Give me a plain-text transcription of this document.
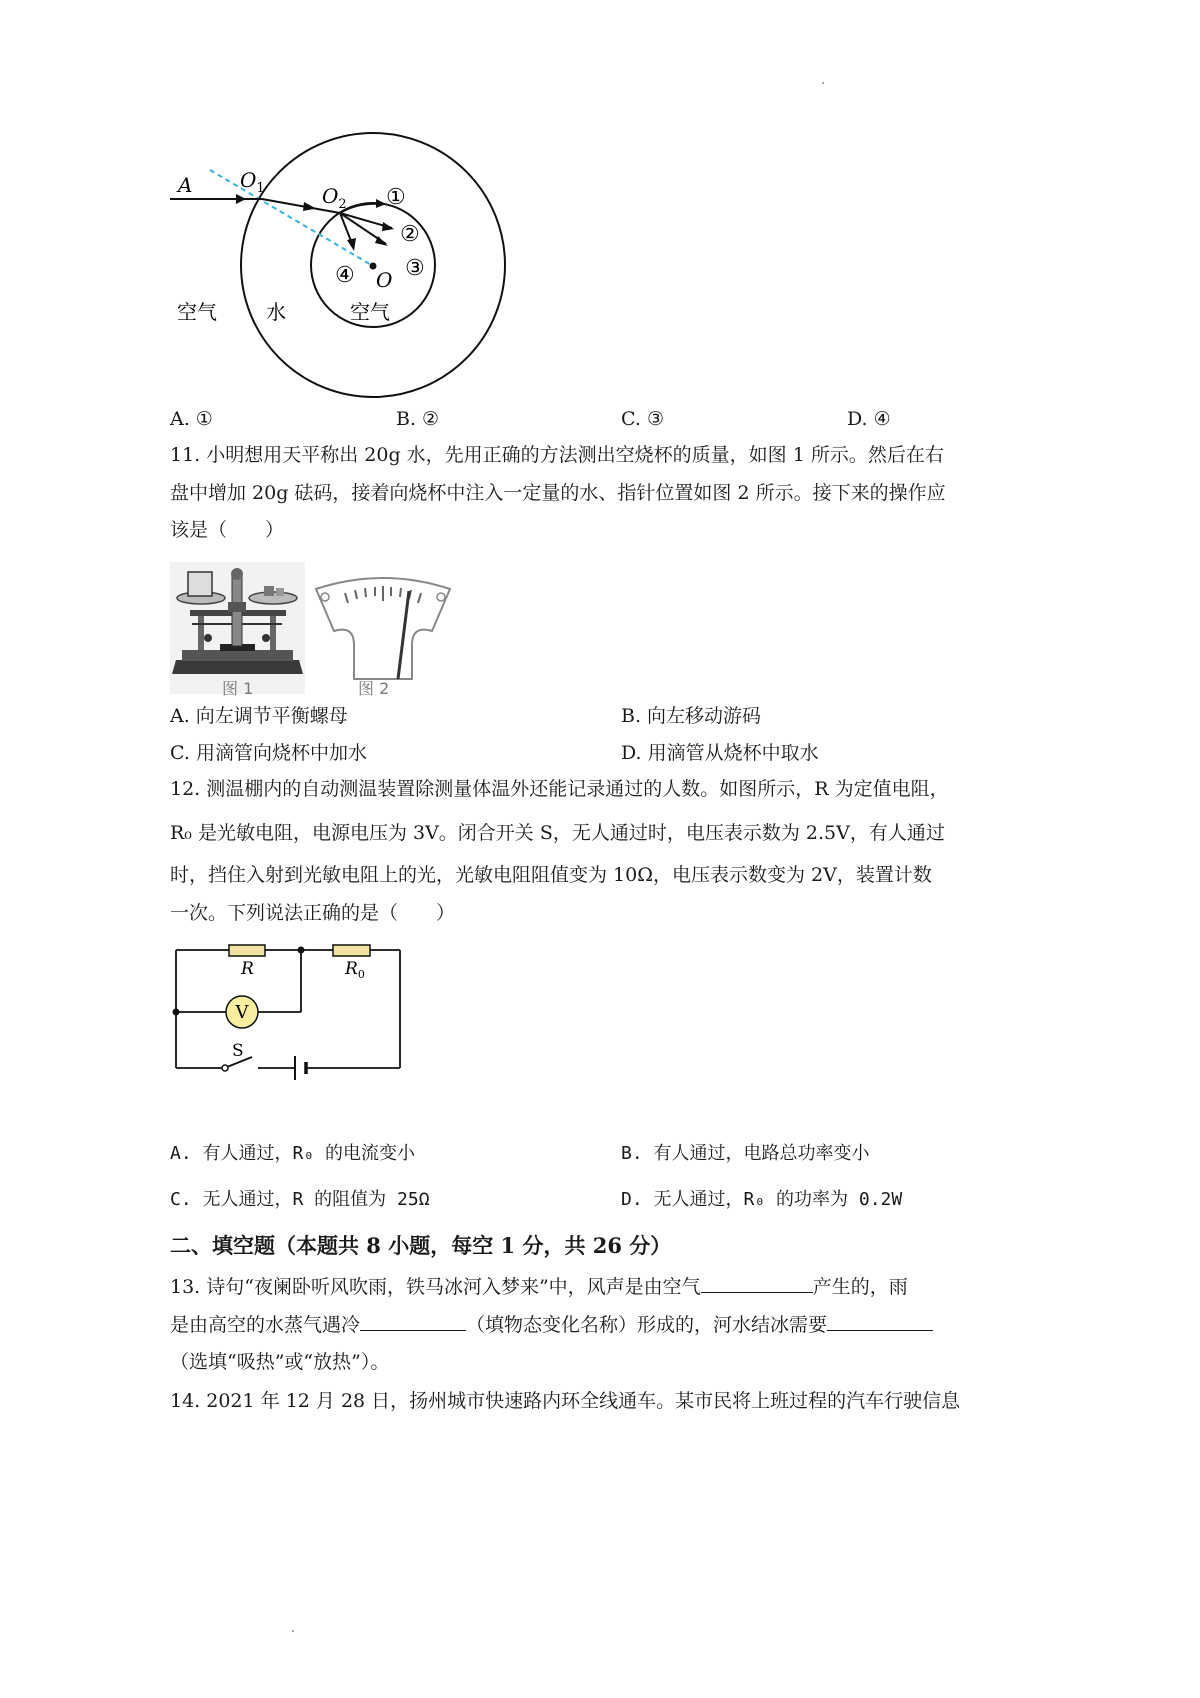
A $O_1$	$O_2$
O
①
②
③
④
空气 水	空气
A. ①	B. ②	C. ③	D. ④
11. 小明想用天平称出 20g 水，先用正确的方法测出空烧杯的质量，如图 1 所示。然后在右
盘中增加 20g 砝码，接着向烧杯中注入一定量的水、指针位置如图 2 所示。接下来的操作应
该是（　　）
图 1	图 2
A. 向左调节平衡螺母	B. 向左移动游码
C. 用滴管向烧杯中加水	D. 用滴管从烧杯中取水
12. 测温棚内的自动测温装置除测量体温外还能记录通过的人数。如图所示，R 为定值电阻，
R₀ 是光敏电阻，电源电压为 3V。闭合开关 S，无人通过时，电压表示数为 2.5V，有人通过
时，挡住入射到光敏电阻上的光，光敏电阻阻值变为 10Ω，电压表示数变为 2V，装置计数
一次。下列说法正确的是（　　）
V
R	$R_0$
S
A. 有人通过，R₀ 的电流变小	B. 有人通过，电路总功率变小
C. 无人通过，R 的阻值为 25Ω	D. 无人通过，R₀ 的功率为 0.2W
二、填空题（本题共 8 小题，每空 1 分，共 26 分）
13. 诗句“夜阑卧听风吹雨，铁马冰河入梦来”中，风声是由空气	产生的，雨
是由高空的水蒸气遇冷	（填物态变化名称）形成的，河水结冰需要
（选填“吸热”或“放热”）。
14. 2021 年 12 月 28 日，扬州城市快速路内环全线通车。某市民将上班过程的汽车行驶信息
